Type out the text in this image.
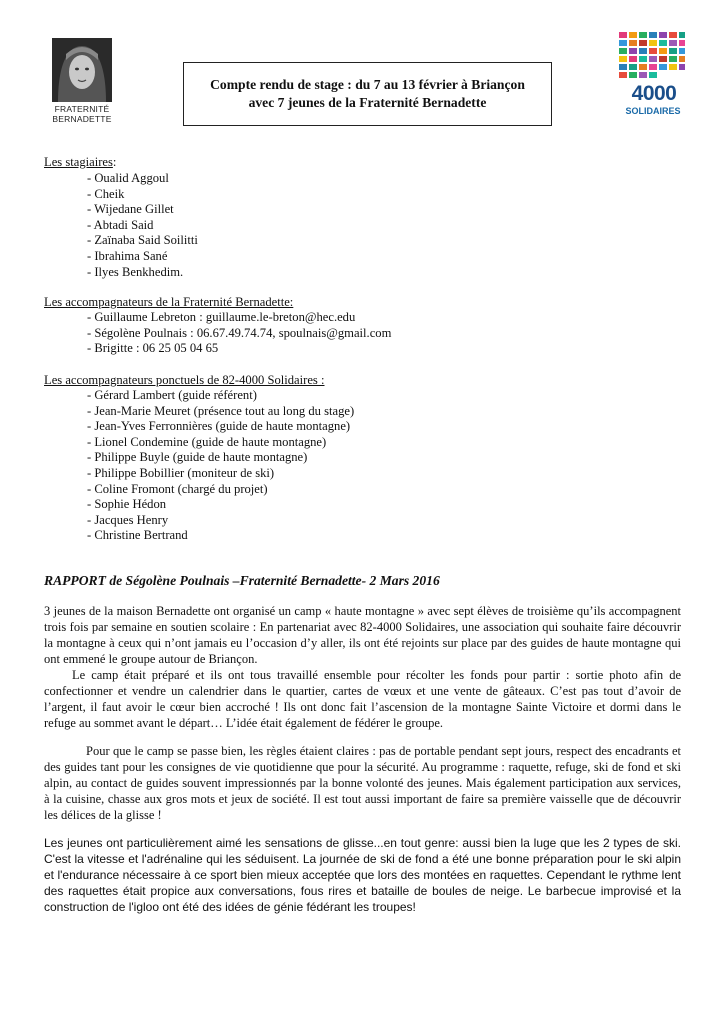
FRATERNITÉ
BERNADETTE
Compte rendu de stage : du 7 au 13 février à Briançon
avec 7 jeunes de la Fraternité Bernadette	4000
SOLIDAIRES
Les stagiaires:
- Oualid Aggoul
- Cheik
- Wijedane Gillet
- Abtadi Said
- Zaïnaba Said Soilitti
- Ibrahima Sané
- Ilyes Benkhedim.
Les accompagnateurs de la Fraternité Bernadette:
- Guillaume Lebreton : guillaume.le-breton@hec.edu
- Ségolène Poulnais : 06.67.49.74.74, spoulnais@gmail.com
- Brigitte : 06 25 05 04 65
Les accompagnateurs ponctuels de 82-4000 Solidaires :
- Gérard Lambert (guide référent)
- Jean-Marie Meuret (présence tout au long du stage)
- Jean-Yves Ferronnières (guide de haute montagne)
- Lionel Condemine (guide de haute montagne)
- Philippe Buyle (guide de haute montagne)
- Philippe Bobillier (moniteur de ski)
- Coline Fromont (chargé du projet)
- Sophie Hédon
- Jacques Henry
- Christine Bertrand
RAPPORT de Ségolène Poulnais –Fraternité Bernadette- 2 Mars 2016

3 jeunes de la maison Bernadette ont organisé un camp « haute montagne » avec sept élèves de troisième qu’ils accompagnent trois fois par semaine en soutien scolaire : En partenariat avec 82-4000 Solidaires, une association qui souhaite faire découvrir la montagne à ceux qui n’ont jamais eu l’occasion d’y aller, ils ont été rejoints sur place par des guides de haute montagne qui ont emmené le groupe autour de Briançon.

Le camp était préparé et ils ont tous travaillé ensemble pour récolter les fonds pour partir : sortie photo afin de confectionner et vendre un calendrier dans le quartier, cartes de vœux et une vente de gâteaux. C’est pas tout d’avoir de l’argent, il faut avoir le cœur bien accroché ! Ils ont donc fait l’ascension de la montagne Sainte Victoire et dormi dans le refuge au sommet avant le départ… L’idée était également de fédérer le groupe.

Pour que le camp se passe bien, les règles étaient claires : pas de portable pendant sept jours, respect des encadrants et des guides tant pour les consignes de vie quotidienne que pour la sécurité. Au programme : raquette, refuge, ski de fond et ski alpin, au contact de guides souvent impressionnés par la bonne volonté des jeunes. Mais également participation aux services, à la cuisine, chasse aux gros mots et jeux de société. Il est tout aussi important de faire sa première vaisselle que de découvrir les délices de la glisse !

Les jeunes ont particulièrement aimé les sensations de glisse...en tout genre: aussi bien la luge que les 2 types de ski. C'est la vitesse et l'adrénaline qui les séduisent. La journée de ski de fond a été une bonne préparation pour le ski alpin et l'endurance nécessaire à ce sport bien mieux acceptée que lors des montées en raquettes. Cependant le rythme lent des raquettes était propice aux conversations, fous rires et bataille de boules de neige. Le barbecue improvisé et la construction de l'igloo ont été des idées de génie fédérant les troupes!
